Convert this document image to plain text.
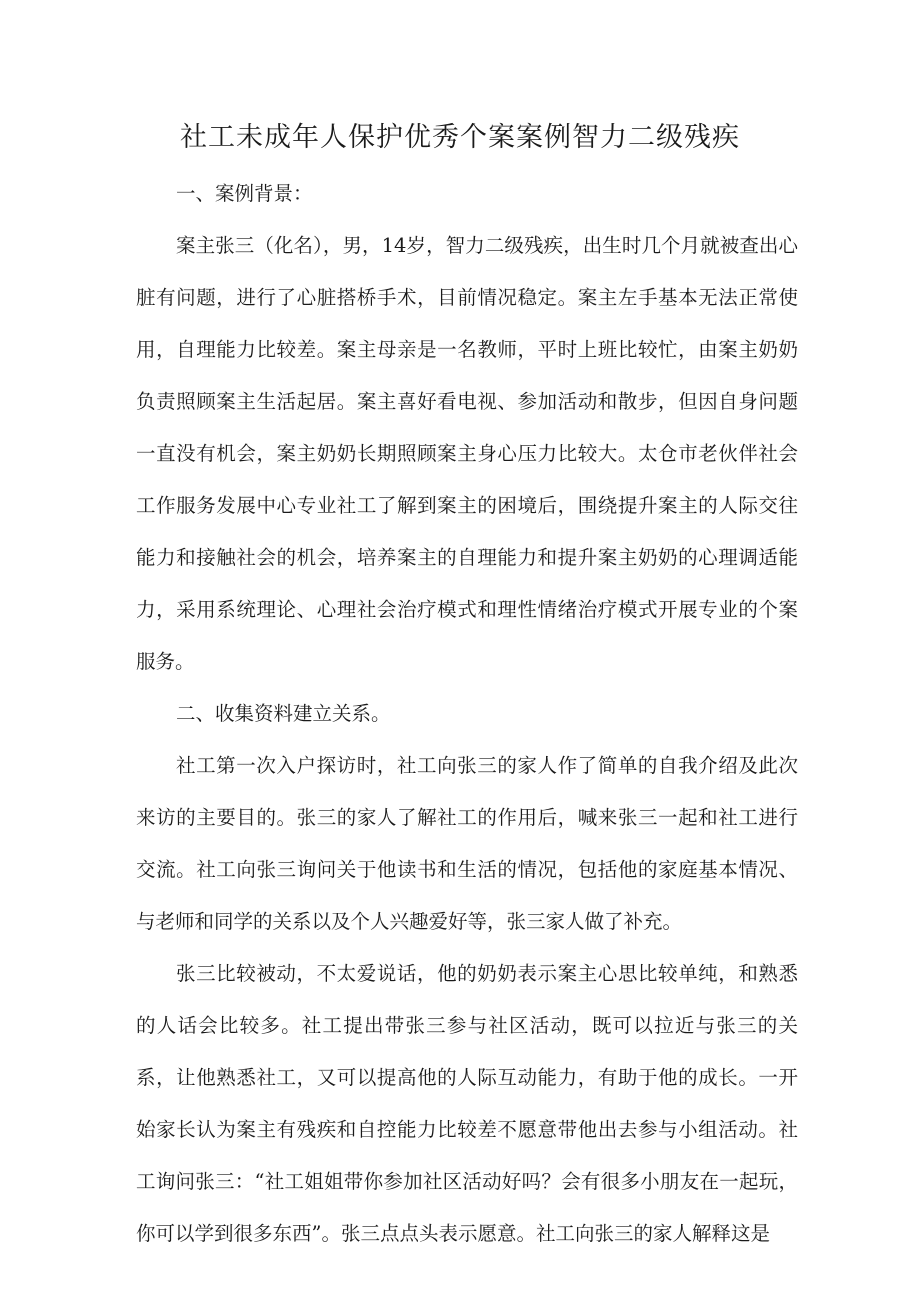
社工未成年人保护优秀个案案例智力二级残疾

一、案例背景：

案主张三（化名），男，14岁，智力二级残疾，出生时几个月就被查出心脏有问题，进行了心脏搭桥手术，目前情况稳定。案主左手基本无法正常使用，自理能力比较差。案主母亲是一名教师，平时上班比较忙，由案主奶奶负责照顾案主生活起居。案主喜好看电视、参加活动和散步，但因自身问题一直没有机会，案主奶奶长期照顾案主身心压力比较大。太仓市老伙伴社会工作服务发展中心专业社工了解到案主的困境后，围绕提升案主的人际交往能力和接触社会的机会，培养案主的自理能力和提升案主奶奶的心理调适能力，采用系统理论、心理社会治疗模式和理性情绪治疗模式开展专业的个案服务。

二、收集资料建立关系。

社工第一次入户探访时，社工向张三的家人作了简单的自我介绍及此次来访的主要目的。张三的家人了解社工的作用后，喊来张三一起和社工进行交流。社工向张三询问关于他读书和生活的情况，包括他的家庭基本情况、与老师和同学的关系以及个人兴趣爱好等，张三家人做了补充。

张三比较被动，不太爱说话，他的奶奶表示案主心思比较单纯，和熟悉的人话会比较多。社工提出带张三参与社区活动，既可以拉近与张三的关系，让他熟悉社工，又可以提高他的人际互动能力，有助于他的成长。一开始家长认为案主有残疾和自控能力比较差不愿意带他出去参与小组活动。社工询问张三：“社工姐姐带你参加社区活动好吗？会有很多小朋友在一起玩，你可以学到很多东西”。张三点点头表示愿意。社工向张三的家人解释这是
